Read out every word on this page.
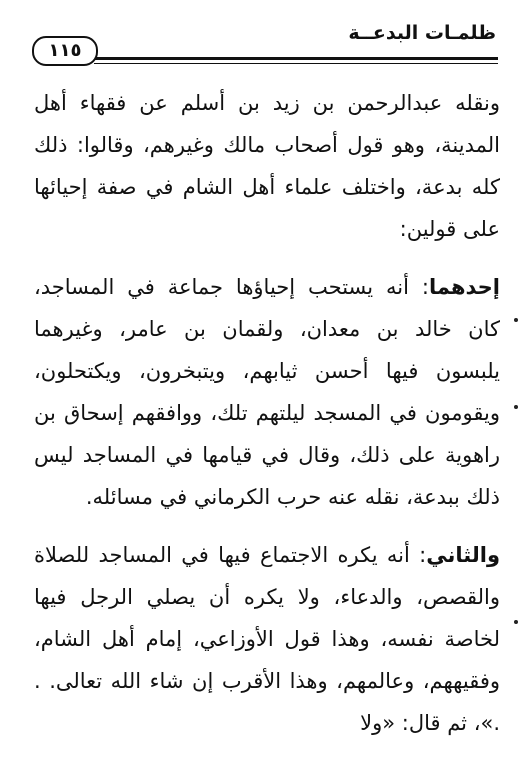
١١٥
ظلمـات البدعــة

ونقله عبدالرحمن بن زيد بن أسلم عن فقهاء أهل المدينة، وهو قول أصحاب مالك وغيرهم، وقالوا: ذلك كله بدعة، واختلف علماء أهل الشام في صفة إحيائها على قولين:

إحدهما: أنه يستحب إحياؤها جماعة في المساجد، كان خالد بن معدان، ولقمان بن عامر، وغيرهما يلبسون فيها أحسن ثيابهم، ويتبخرون، ويكتحلون، ويقومون في المسجد ليلتهم تلك، ووافقهم إسحاق بن راهوية على ذلك، وقال في قيامها في المساجد ليس ذلك ببدعة، نقله عنه حرب الكرماني في مسائله.

والثاني: أنه يكره الاجتماع فيها في المساجد للصلاة والقصص، والدعاء، ولا يكره أن يصلي الرجل فيها لخاصة نفسه، وهذا قول الأوزاعي، إمام أهل الشام، وفقيههم، وعالمهم، وهذا الأقرب إن شاء الله تعالى. . .»، ثم قال: «ولا
